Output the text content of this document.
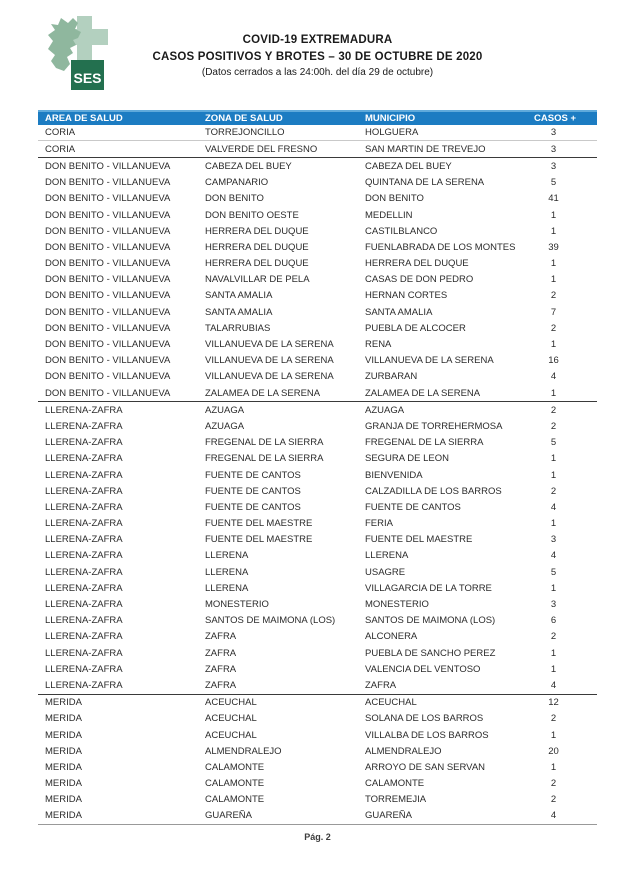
SES
COVID-19 EXTREMADURA
CASOS POSITIVOS Y BROTES – 30 DE OCTUBRE DE 2020
(Datos cerrados a las 24:00h. del día 29 de octubre)
AREA DE SALUD	ZONA DE SALUD	MUNICIPIO	CASOS +
CORIA	TORREJONCILLO	HOLGUERA	3
CORIA	VALVERDE DEL FRESNO	SAN MARTIN DE TREVEJO	3
DON BENITO - VILLANUEVA	CABEZA DEL BUEY	CABEZA DEL BUEY	3
DON BENITO - VILLANUEVA	CAMPANARIO	QUINTANA DE LA SERENA	5
DON BENITO - VILLANUEVA	DON BENITO	DON BENITO	41
DON BENITO - VILLANUEVA	DON BENITO OESTE	MEDELLIN	1
DON BENITO - VILLANUEVA	HERRERA DEL DUQUE	CASTILBLANCO	1
DON BENITO - VILLANUEVA	HERRERA DEL DUQUE	FUENLABRADA DE LOS MONTES	39
DON BENITO - VILLANUEVA	HERRERA DEL DUQUE	HERRERA DEL DUQUE	1
DON BENITO - VILLANUEVA	NAVALVILLAR DE PELA	CASAS DE DON PEDRO	1
DON BENITO - VILLANUEVA	SANTA AMALIA	HERNAN CORTES	2
DON BENITO - VILLANUEVA	SANTA AMALIA	SANTA AMALIA	7
DON BENITO - VILLANUEVA	TALARRUBIAS	PUEBLA DE ALCOCER	2
DON BENITO - VILLANUEVA	VILLANUEVA DE LA SERENA	RENA	1
DON BENITO - VILLANUEVA	VILLANUEVA DE LA SERENA	VILLANUEVA DE LA SERENA	16
DON BENITO - VILLANUEVA	VILLANUEVA DE LA SERENA	ZURBARAN	4
DON BENITO - VILLANUEVA	ZALAMEA DE LA SERENA	ZALAMEA DE LA SERENA	1
LLERENA-ZAFRA	AZUAGA	AZUAGA	2
LLERENA-ZAFRA	AZUAGA	GRANJA DE TORREHERMOSA	2
LLERENA-ZAFRA	FREGENAL DE LA SIERRA	FREGENAL DE LA SIERRA	5
LLERENA-ZAFRA	FREGENAL DE LA SIERRA	SEGURA DE LEON	1
LLERENA-ZAFRA	FUENTE DE CANTOS	BIENVENIDA	1
LLERENA-ZAFRA	FUENTE DE CANTOS	CALZADILLA DE LOS BARROS	2
LLERENA-ZAFRA	FUENTE DE CANTOS	FUENTE DE CANTOS	4
LLERENA-ZAFRA	FUENTE DEL MAESTRE	FERIA	1
LLERENA-ZAFRA	FUENTE DEL MAESTRE	FUENTE DEL MAESTRE	3
LLERENA-ZAFRA	LLERENA	LLERENA	4
LLERENA-ZAFRA	LLERENA	USAGRE	5
LLERENA-ZAFRA	LLERENA	VILLAGARCIA DE LA TORRE	1
LLERENA-ZAFRA	MONESTERIO	MONESTERIO	3
LLERENA-ZAFRA	SANTOS DE MAIMONA (LOS)	SANTOS DE MAIMONA (LOS)	6
LLERENA-ZAFRA	ZAFRA	ALCONERA	2
LLERENA-ZAFRA	ZAFRA	PUEBLA DE SANCHO PEREZ	1
LLERENA-ZAFRA	ZAFRA	VALENCIA DEL VENTOSO	1
LLERENA-ZAFRA	ZAFRA	ZAFRA	4
MERIDA	ACEUCHAL	ACEUCHAL	12
MERIDA	ACEUCHAL	SOLANA DE LOS BARROS	2
MERIDA	ACEUCHAL	VILLALBA DE LOS BARROS	1
MERIDA	ALMENDRALEJO	ALMENDRALEJO	20
MERIDA	CALAMONTE	ARROYO DE SAN SERVAN	1
MERIDA	CALAMONTE	CALAMONTE	2
MERIDA	CALAMONTE	TORREMEJIA	2
MERIDA	GUAREÑA	GUAREÑA	4
Pág. 2
